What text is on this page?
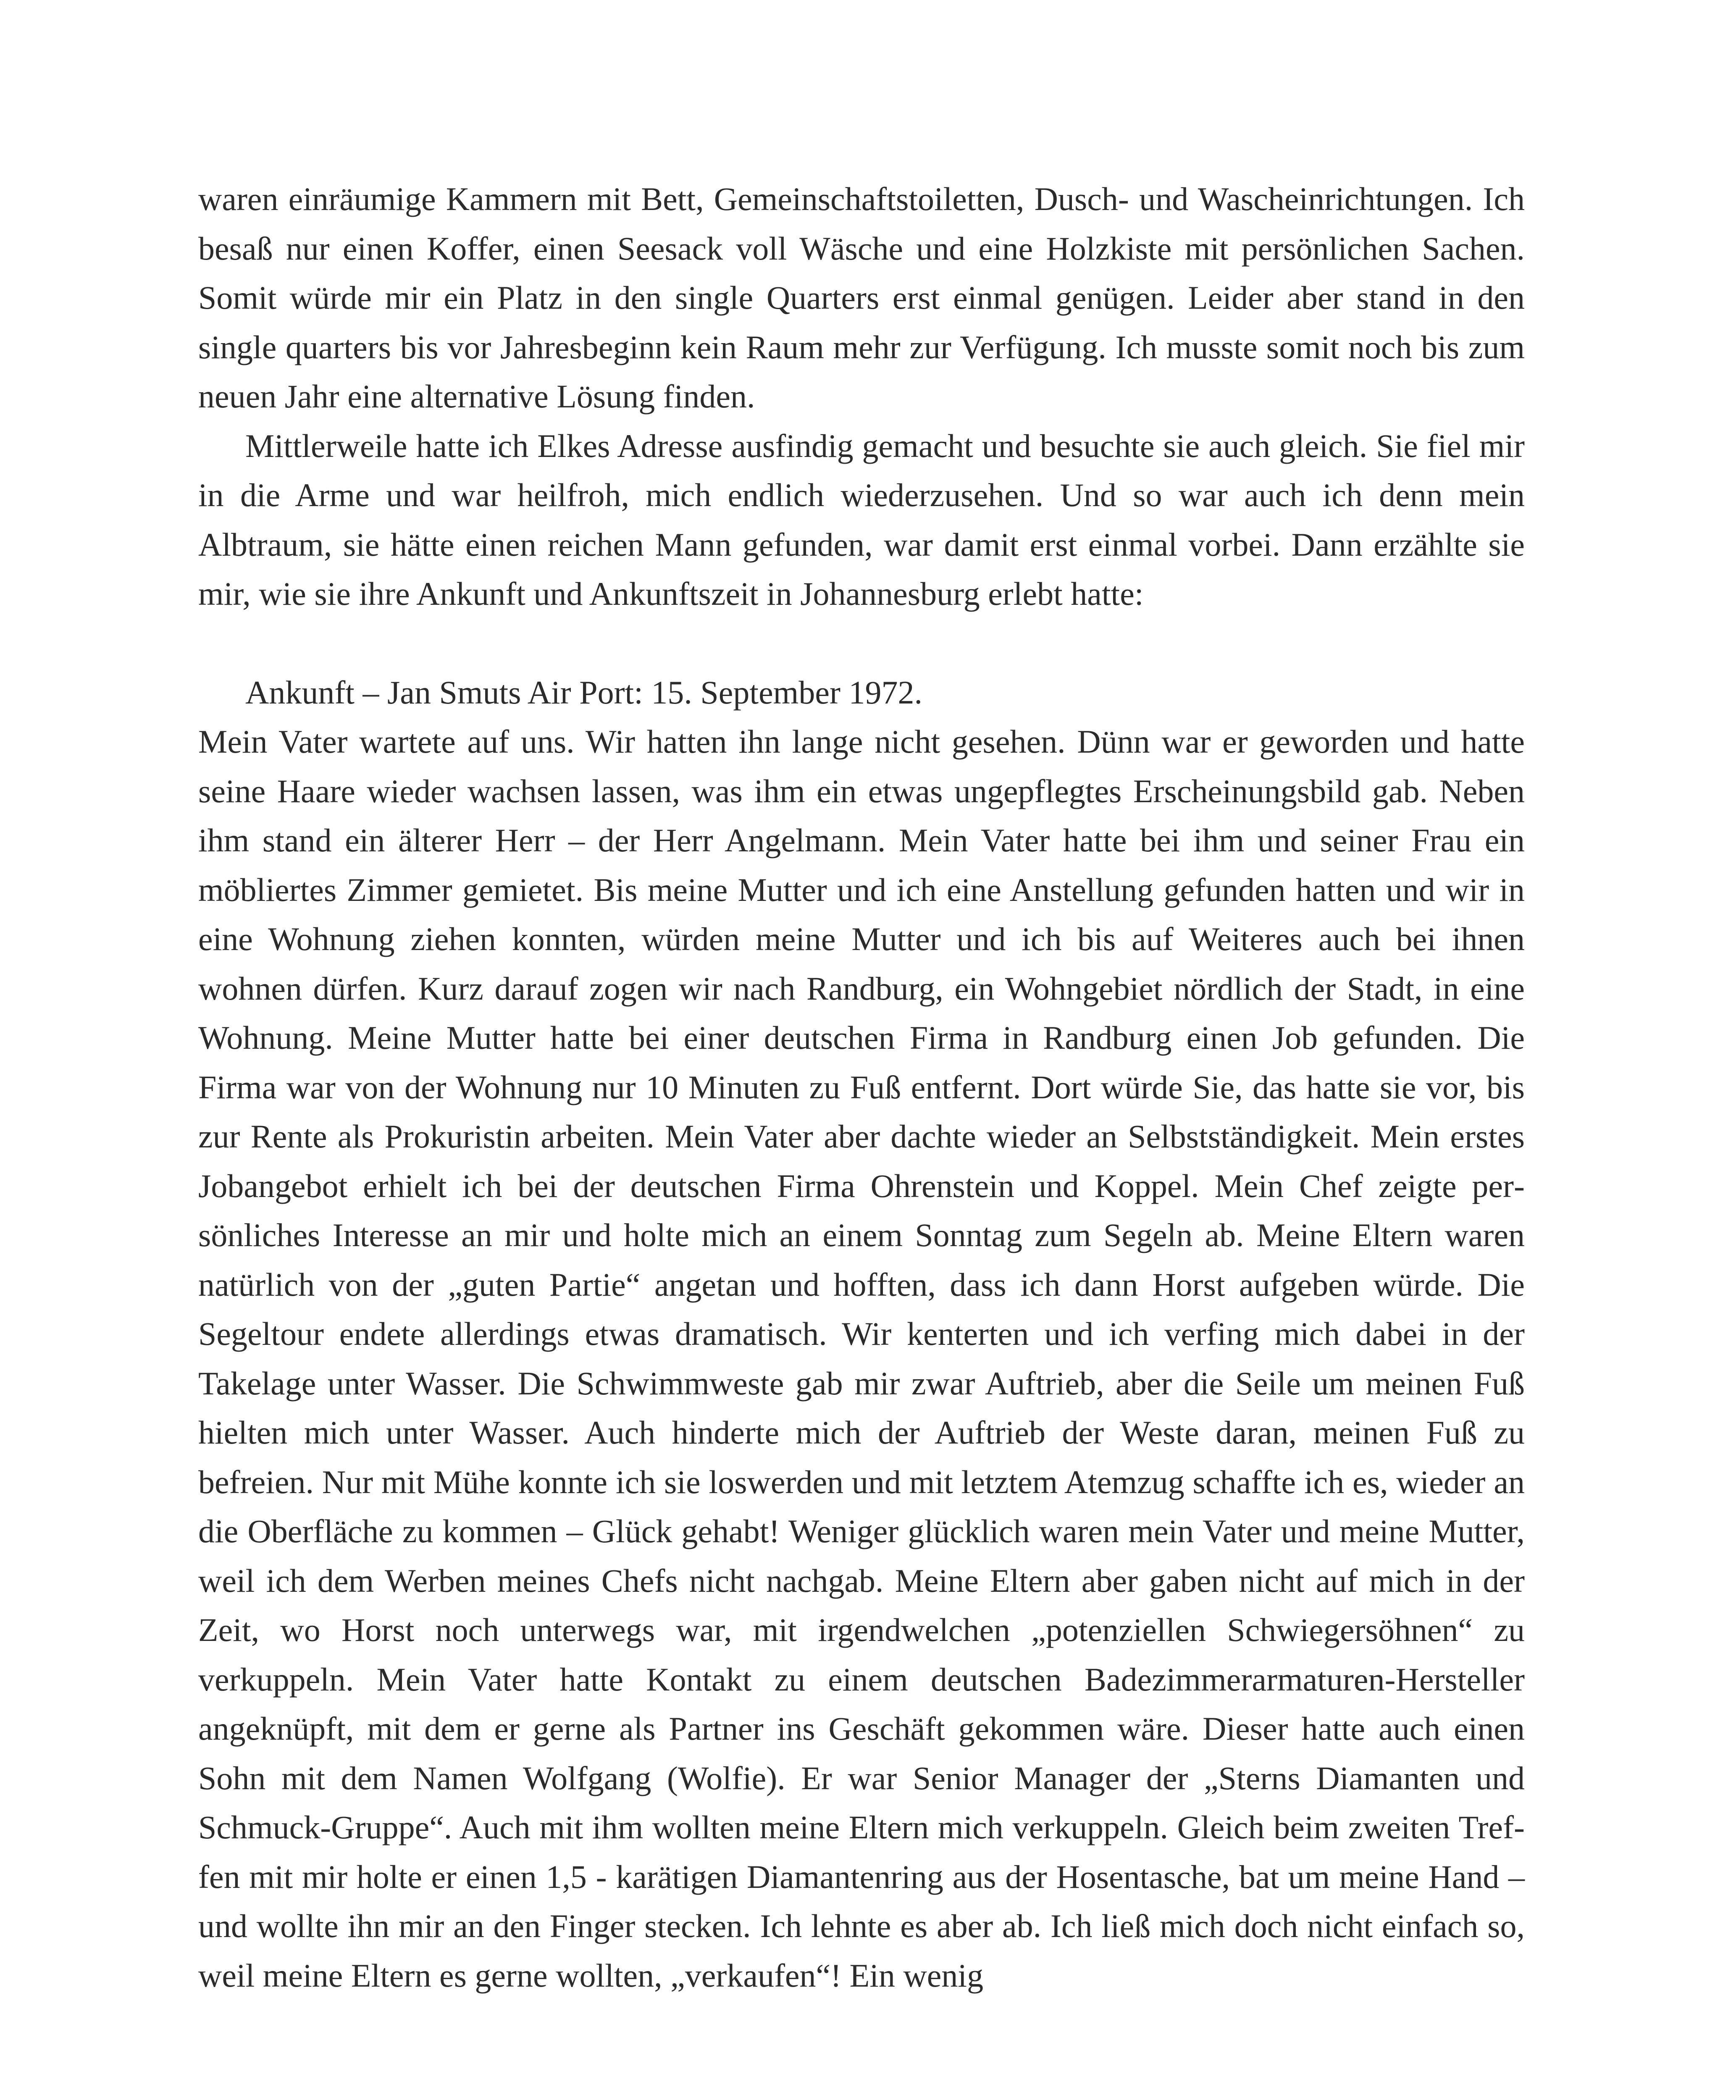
waren einräumige Kammern mit Bett, Gemeinschaftstoiletten, Dusch- und Wascheinrichtungen. Ich besaß nur einen Koffer, einen Seesack voll Wäsche und eine Holzkiste mit persönlichen Sachen. Somit würde mir ein Platz in den single Quarters erst einmal genügen. Leider aber stand in den single quarters bis vor Jahresbeginn kein Raum mehr zur Verfügung. Ich musste somit noch bis zum neuen Jahr eine alternative Lösung finden.

Mittlerweile hatte ich Elkes Adresse ausfindig gemacht und besuchte sie auch gleich. Sie fiel mir in die Arme und war heilfroh, mich endlich wiederzusehen. Und so war auch ich denn mein Albtraum, sie hätte einen reichen Mann gefunden, war damit erst einmal vorbei. Dann erzählte sie mir, wie sie ihre Ankunft und Ankunftszeit in Johannesburg erlebt hatte:

Ankunft – Jan Smuts Air Port: 15. September 1972.

Mein Vater wartete auf uns. Wir hatten ihn lange nicht gesehen. Dünn war er geworden und hatte seine Haare wieder wachsen lassen, was ihm ein etwas ungepflegtes Erscheinungsbild gab. Neben ihm stand ein älterer Herr – der Herr Angelmann. Mein Vater hatte bei ihm und seiner Frau ein möbliertes Zimmer gemietet. Bis meine Mutter und ich eine Anstellung gefunden hatten und wir in eine Wohnung ziehen konnten, würden meine Mutter und ich bis auf Weiteres auch bei ihnen wohnen dürfen. Kurz darauf zogen wir nach Randburg, ein Wohngebiet nördlich der Stadt, in eine Wohnung. Meine Mutter hatte bei einer deutschen Firma in Randburg einen Job gefunden. Die Firma war von der Wohnung nur 10 Minuten zu Fuß entfernt. Dort würde Sie, das hatte sie vor, bis zur Rente als Prokuristin arbeiten. Mein Vater aber dachte wieder an Selbstständigkeit. Mein erstes Jobangebot erhielt ich bei der deutschen Firma Ohrenstein und Koppel. Mein Chef zeigte persönliches Interesse an mir und holte mich an einem Sonntag zum Segeln ab. Meine Eltern waren natürlich von der „guten Partie“ angetan und hofften, dass ich dann Horst aufgeben würde. Die Segeltour endete allerdings etwas dramatisch. Wir kenterten und ich verfing mich dabei in der Takelage unter Wasser. Die Schwimmweste gab mir zwar Auftrieb, aber die Seile um meinen Fuß hielten mich unter Wasser. Auch hinderte mich der Auftrieb der Weste daran, meinen Fuß zu befreien. Nur mit Mühe konnte ich sie loswerden und mit letztem Atemzug schaffte ich es, wieder an die Oberfläche zu kommen – Glück gehabt! Weniger glücklich waren mein Vater und meine Mutter, weil ich dem Werben meines Chefs nicht nachgab. Meine Eltern aber gaben nicht auf mich in der Zeit, wo Horst noch unterwegs war, mit irgendwelchen „potenziellen Schwiegersöhnen“ zu verkuppeln. Mein Vater hatte Kontakt zu einem deutschen Badezimmerarmaturen-Hersteller angeknüpft, mit dem er gerne als Partner ins Geschäft gekommen wäre. Dieser hatte auch einen Sohn mit dem Namen Wolfgang (Wolfie). Er war Senior Manager der „Sterns Diamanten und Schmuck-Gruppe“. Auch mit ihm wollten meine Eltern mich verkuppeln. Gleich beim zweiten Treffen mit mir holte er einen 1,5 - karätigen Diamantenring aus der Hosentasche, bat um meine Hand – und wollte ihn mir an den Finger stecken. Ich lehnte es aber ab. Ich ließ mich doch nicht einfach so, weil meine Eltern es gerne wollten, „verkaufen“! Ein wenig
